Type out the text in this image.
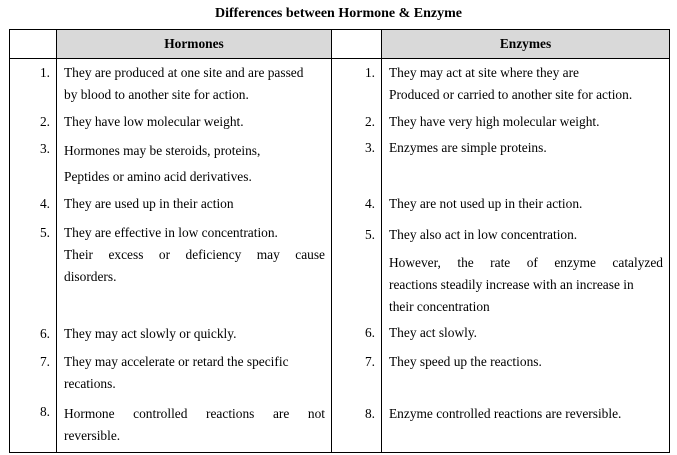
Differences between Hormone & Enzyme
	Hormones		Enzymes
1.	They are produced at one site and are passed
by blood to another site for action.	1.	They may act at site where they are
Produced or carried to another site for action.

2.	They have low molecular weight.	2.	They have very high molecular weight.

3.	Hormones may be steroids, proteins,
Peptides or amino acid derivatives.	3.	Enzymes are simple proteins.

4.	They are used up in their action	4.	They are not used up in their action.

5.	They are effective in low concentration.
Their excess or deficiency may cause
disorders.	5.	They also act in low concentration.
However, the rate of enzyme catalyzed
reactions steadily increase with an increase in
their concentration

6.	They may act slowly or quickly.	6.	They act slowly.

7.	They may accelerate or retard the specific
recations.	7.	They speed up the reactions.

8.	Hormone controlled reactions are not
reversible.	8.	Enzyme controlled reactions are reversible.
